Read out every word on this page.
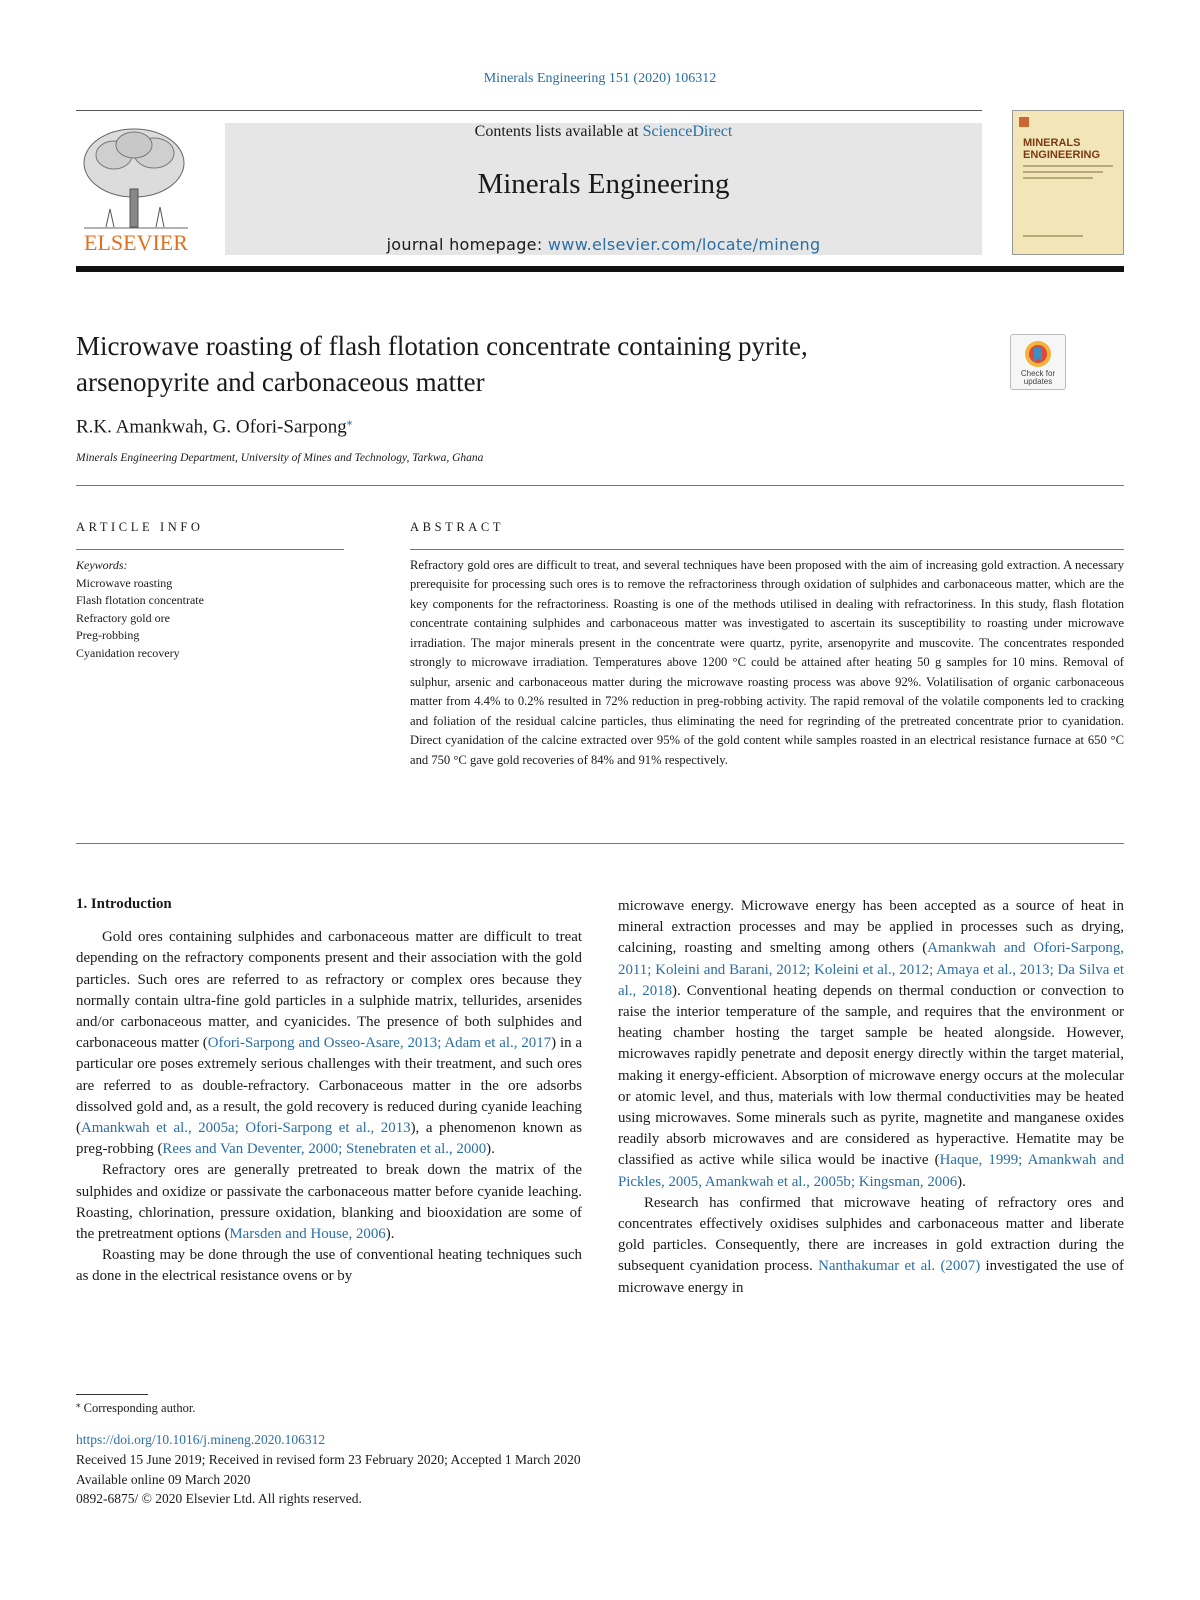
Minerals Engineering 151 (2020) 106312
ELSEVIER
Contents lists available at ScienceDirect
Minerals Engineering
journal homepage: www.elsevier.com/locate/mineng
MINERALS
ENGINEERING
Microwave roasting of flash flotation concentrate containing pyrite,
arsenopyrite and carbonaceous matter	Check for
updates
R.K. Amankwah, G. Ofori-Sarpong⁎
Minerals Engineering Department, University of Mines and Technology, Tarkwa, Ghana
ARTICLE INFO	ABSTRACT
Keywords:
Microwave roasting
Flash flotation concentrate
Refractory gold ore
Preg-robbing
Cyanidation recovery
Refractory gold ores are difficult to treat, and several techniques have been proposed with the aim of increasing gold extraction. A necessary prerequisite for processing such ores is to remove the refractoriness through oxidation of sulphides and carbonaceous matter, which are the key components for the refractoriness. Roasting is one of the methods utilised in dealing with refractoriness. In this study, flash flotation concentrate containing sulphides and carbonaceous matter was investigated to ascertain its susceptibility to roasting under microwave irradiation. The major minerals present in the concentrate were quartz, pyrite, arsenopyrite and muscovite. The concentrates responded strongly to microwave irradiation. Temperatures above 1200 °C could be attained after heating 50 g samples for 10 mins. Removal of sulphur, arsenic and carbonaceous matter during the microwave roasting process was above 92%. Volatilisation of organic carbonaceous matter from 4.4% to 0.2% resulted in 72% reduction in preg-robbing activity. The rapid removal of the volatile components led to cracking and foliation of the residual calcine particles, thus eliminating the need for regrinding of the pretreated concentrate prior to cyanidation. Direct cyanidation of the calcine extracted over 95% of the gold content while samples roasted in an electrical resistance furnace at 650 °C and 750 °C gave gold recoveries of 84% and 91% respectively.
1. Introduction

Gold ores containing sulphides and carbonaceous matter are difficult to treat depending on the refractory components present and their association with the gold particles. Such ores are referred to as refractory or complex ores because they normally contain ultra-fine gold particles in a sulphide matrix, tellurides, arsenides and/or carbonaceous matter, and cyanicides. The presence of both sulphides and carbonaceous matter (Ofori-Sarpong and Osseo-Asare, 2013; Adam et al., 2017) in a particular ore poses extremely serious challenges with their treatment, and such ores are referred to as double-refractory. Carbonaceous matter in the ore adsorbs dissolved gold and, as a result, the gold recovery is reduced during cyanide leaching (Amankwah et al., 2005a; Ofori-Sarpong et al., 2013), a phenomenon known as preg-robbing (Rees and Van Deventer, 2000; Stenebraten et al., 2000).

Refractory ores are generally pretreated to break down the matrix of the sulphides and oxidize or passivate the carbonaceous matter before cyanide leaching. Roasting, chlorination, pressure oxidation, blanking and biooxidation are some of the pretreatment options (Marsden and House, 2006).

Roasting may be done through the use of conventional heating techniques such as done in the electrical resistance ovens or by

microwave energy. Microwave energy has been accepted as a source of heat in mineral extraction processes and may be applied in processes such as drying, calcining, roasting and smelting among others (Amankwah and Ofori-Sarpong, 2011; Koleini and Barani, 2012; Koleini et al., 2012; Amaya et al., 2013; Da Silva et al., 2018). Conventional heating depends on thermal conduction or convection to raise the interior temperature of the sample, and requires that the environment or heating chamber hosting the target sample be heated alongside. However, microwaves rapidly penetrate and deposit energy directly within the target material, making it energy-efficient. Absorption of microwave energy occurs at the molecular or atomic level, and thus, materials with low thermal conductivities may be heated using microwaves. Some minerals such as pyrite, magnetite and manganese oxides readily absorb microwaves and are considered as hyperactive. Hematite may be classified as active while silica would be inactive (Haque, 1999; Amankwah and Pickles, 2005, Amankwah et al., 2005b; Kingsman, 2006).

Research has confirmed that microwave heating of refractory ores and concentrates effectively oxidises sulphides and carbonaceous matter and liberate gold particles. Consequently, there are increases in gold extraction during the subsequent cyanidation process. Nanthakumar et al. (2007) investigated the use of microwave energy in

⁎ Corresponding author.
https://doi.org/10.1016/j.mineng.2020.106312
Received 15 June 2019; Received in revised form 23 February 2020; Accepted 1 March 2020
Available online 09 March 2020
0892-6875/ © 2020 Elsevier Ltd. All rights reserved.
